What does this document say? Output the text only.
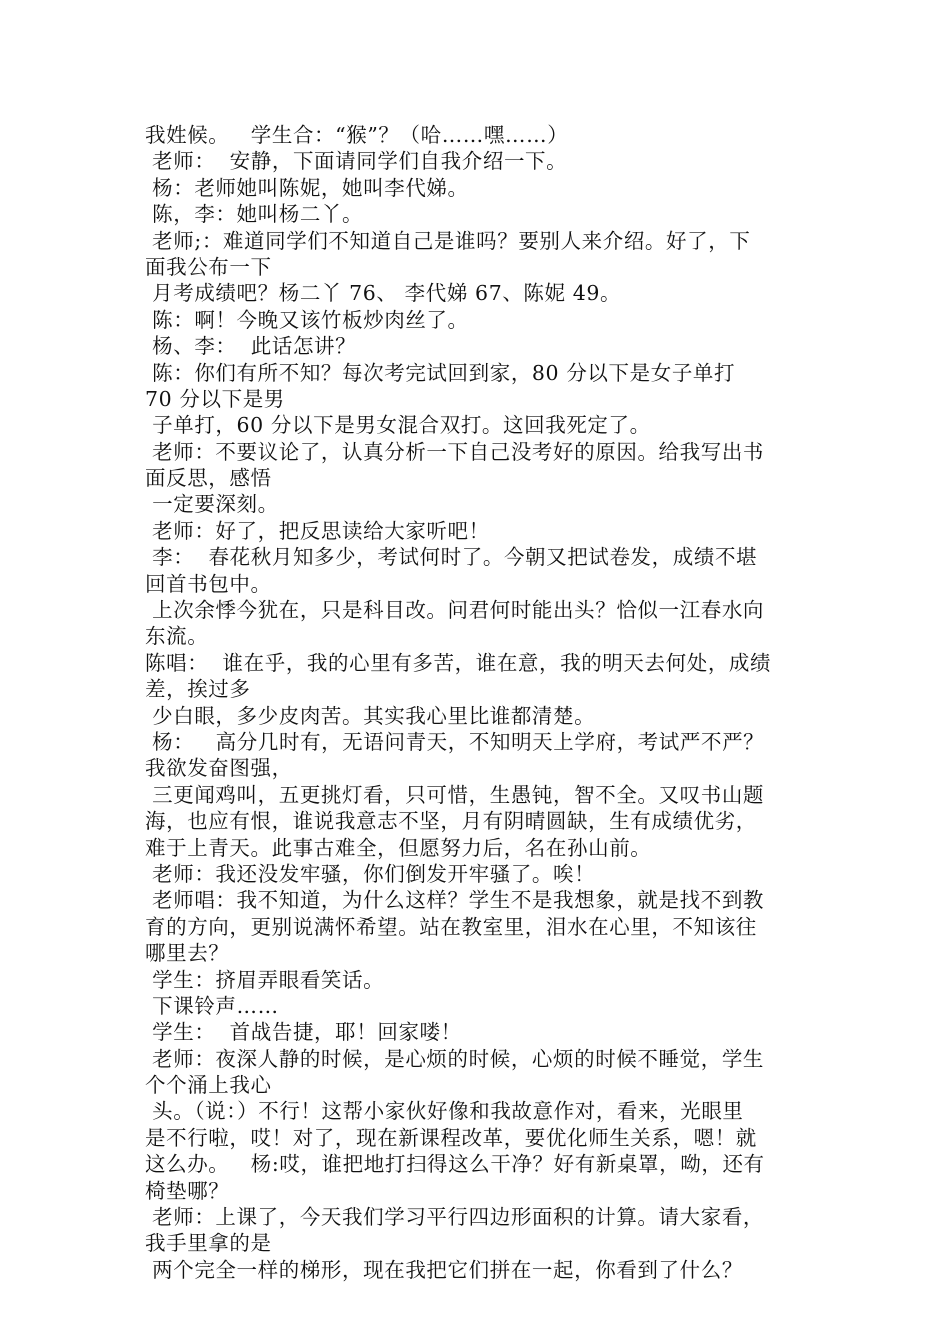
我姓候。   学生合：“猴”？（哈……嘿……）
老师：  安静，下面请同学们自我介绍一下。
杨：老师她叫陈妮，她叫李代娣。
陈，李：她叫杨二丫。
老师;：难道同学们不知道自己是谁吗？要别人来介绍。好了，下
面我公布一下
月考成绩吧？杨二丫 76、 李代娣 67、陈妮 49。
陈：啊！今晚又该竹板炒肉丝了。
杨、李：  此话怎讲？
陈：你们有所不知？每次考完试回到家，80 分以下是女子单打
70 分以下是男
子单打，60 分以下是男女混合双打。这回我死定了。
老师：不要议论了，认真分析一下自己没考好的原因。给我写出书
面反思，感悟
一定要深刻。
老师：好了，把反思读给大家听吧！
李：  春花秋月知多少，考试何时了。今朝又把试卷发，成绩不堪
回首书包中。
上次余悸今犹在，只是科目改。问君何时能出头？恰似一江春水向
东流。
陈唱：  谁在乎，我的心里有多苦，谁在意，我的明天去何处，成绩
差，挨过多
少白眼，多少皮肉苦。其实我心里比谁都清楚。
杨：   高分几时有，无语问青天，不知明天上学府，考试严不严？
我欲发奋图强，
三更闻鸡叫，五更挑灯看，只可惜，生愚钝，智不全。又叹书山题
海，也应有恨，谁说我意志不坚，月有阴晴圆缺，生有成绩优劣，
难于上青天。此事古难全，但愿努力后，名在孙山前。
老师：我还没发牢骚，你们倒发开牢骚了。唉！
老师唱：我不知道，为什么这样？学生不是我想象，就是找不到教
育的方向，更别说满怀希望。站在教室里，泪水在心里，不知该往
哪里去？
学生：挤眉弄眼看笑话。
下课铃声……
学生：  首战告捷，耶！回家喽！
老师：夜深人静的时候，是心烦的时候，心烦的时候不睡觉，学生
个个涌上我心
头。（说：）不行！这帮小家伙好像和我故意作对，看来，光眼里
是不行啦，哎！对了，现在新课程改革，要优化师生关系，嗯！就
这么办。   杨:哎，谁把地打扫得这么干净？好有新桌罩，呦，还有
椅垫哪？
老师：上课了，今天我们学习平行四边形面积的计算。请大家看，
我手里拿的是
两个完全一样的梯形，现在我把它们拼在一起，你看到了什么？
